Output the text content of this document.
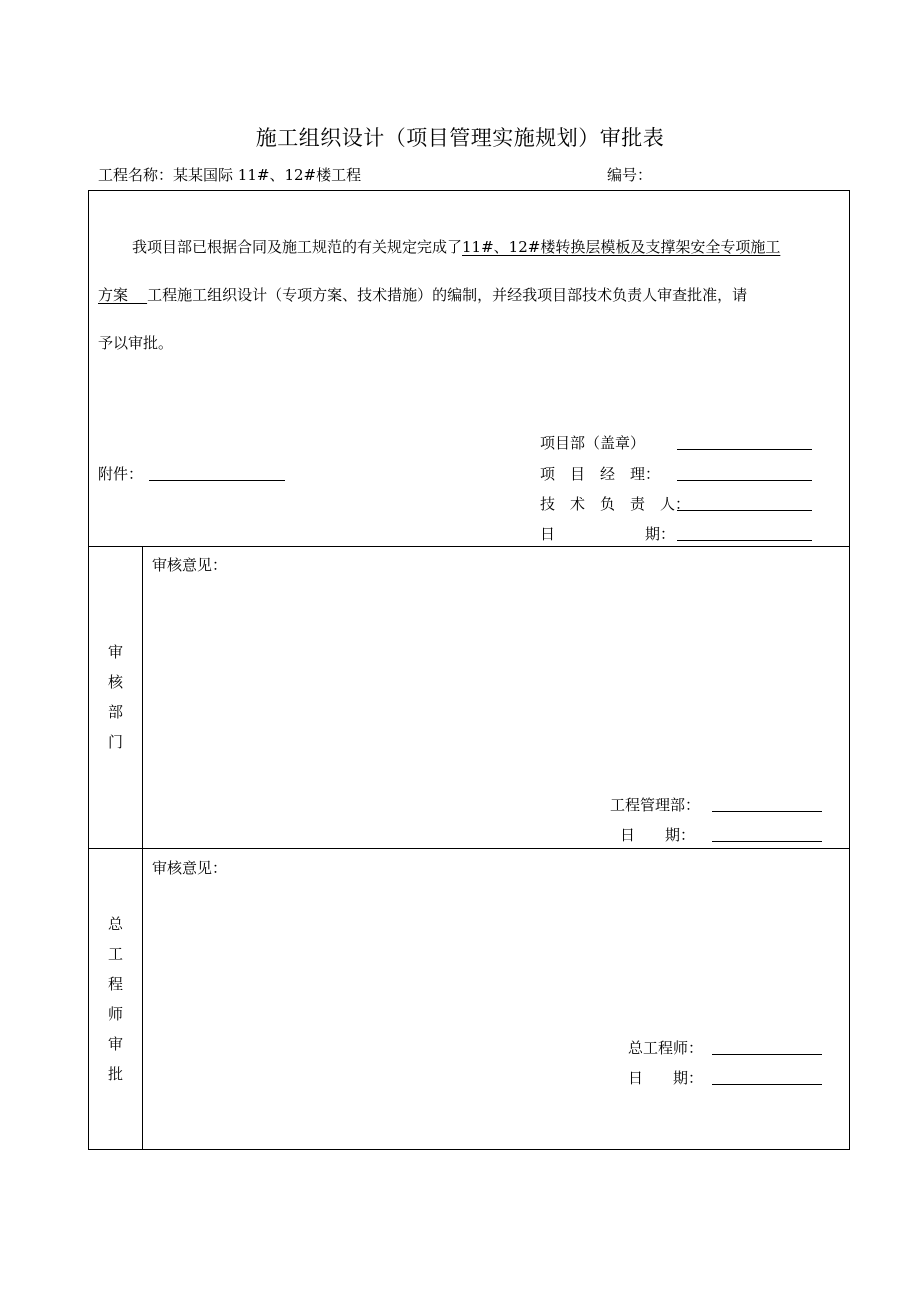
施工组织设计（项目管理实施规划）审批表
工程名称：某某国际 11#、12#楼工程	编号：
我项目部已根据合同及施工规范的有关规定完成了11#、12#楼转换层模板及支撑架安全专项施工
方案    工程施工组织设计（专项方案、技术措施）的编制，并经我项目部技术负责人审查批准，请
予以审批。
项目部（盖章）
附件：	项　目　经　理：
技　术　负　责　人：
日　　　　　　期：
审
核
部
门
审核意见：
工程管理部：
日　　期：
总
工
程
师
审
批
审核意见：
总工程师：
日　　期：
